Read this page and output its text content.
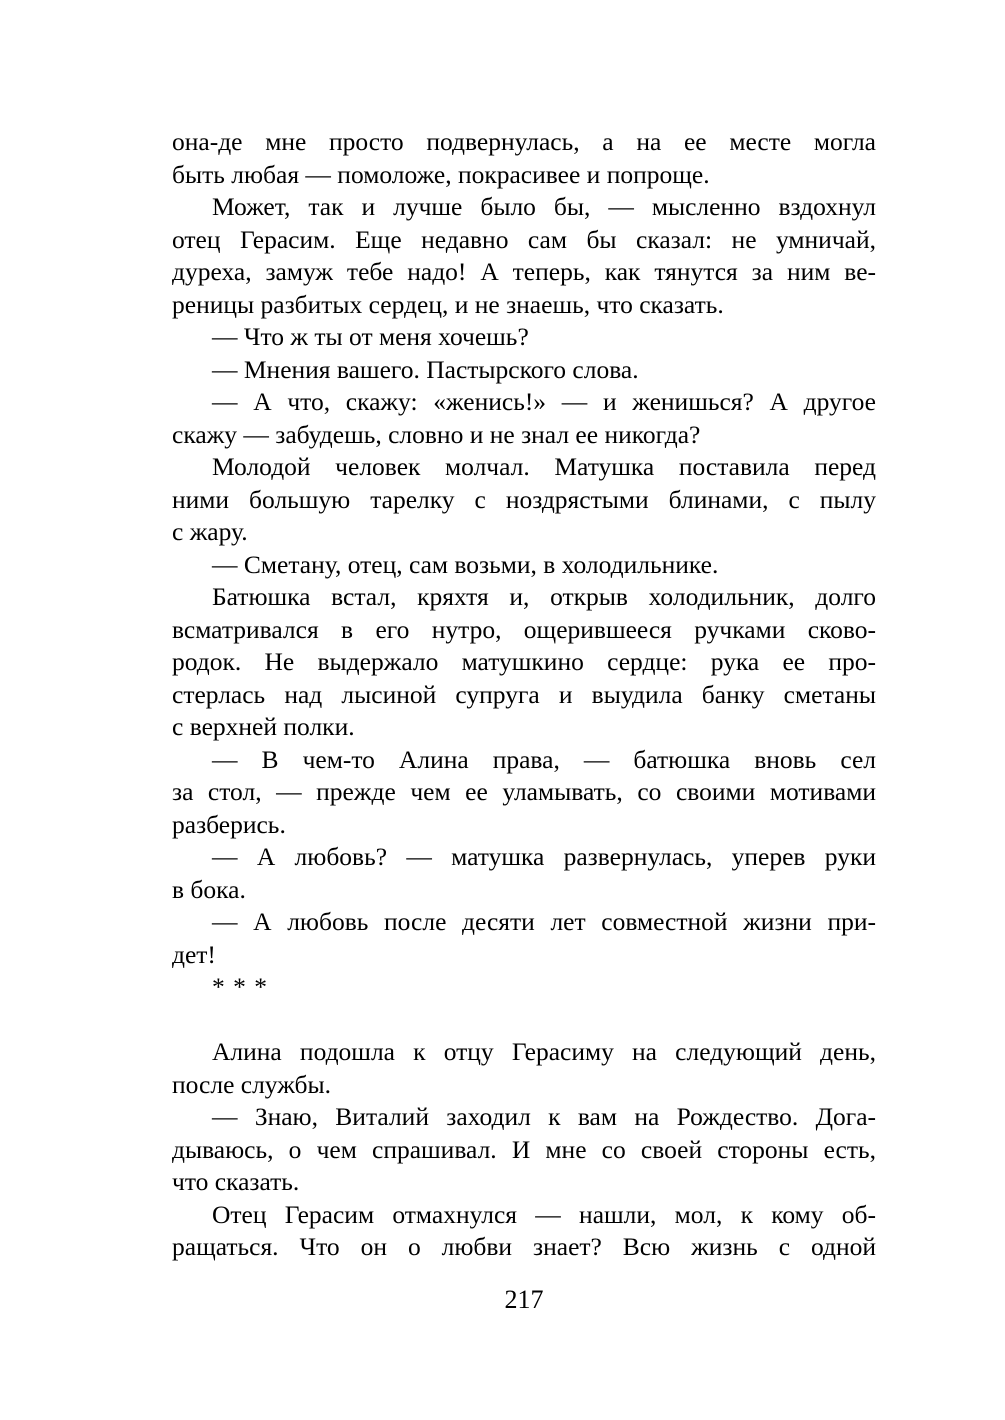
она-де мне просто подвернулась, а на ее месте могла
быть любая — помоложе, покрасивее и попроще.
Может, так и лучше было бы, — мысленно вздохнул
отец Герасим. Еще недавно сам бы сказал: не умничай,
дуреха, замуж тебе надо! А теперь, как тянутся за ним ве-
реницы разбитых сердец, и не знаешь, что сказать.
— Что ж ты от меня хочешь?
— Мнения вашего. Пастырского слова.
— А что, скажу: «женись!» — и женишься? А другое
скажу — забудешь, словно и не знал ее никогда?
Молодой человек молчал. Матушка поставила перед
ними большую тарелку с ноздрястыми блинами, с пылу
с жару.
— Сметану, отец, сам возьми, в холодильнике.
Батюшка встал, кряхтя и, открыв холодильник, долго
всматривался в его нутро, ощерившееся ручками сково-
родок. Не выдержало матушкино сердце: рука ее про-
стерлась над лысиной супруга и выудила банку сметаны
с верхней полки.
— В чем-то Алина права, — батюшка вновь сел
за стол, — прежде чем ее уламывать, со своими мотивами
разберись.
— А любовь? — матушка развернулась, уперев руки
в бока.
— А любовь после десяти лет совместной жизни при-
дет!
* * *
Алина подошла к отцу Герасиму на следующий день,
после службы.
— Знаю, Виталий заходил к вам на Рождество. Дога-
дываюсь, о чем спрашивал. И мне со своей стороны есть,
что сказать.
Отец Герасим отмахнулся — нашли, мол, к кому об-
ращаться. Что он о любви знает? Всю жизнь с одной
217
